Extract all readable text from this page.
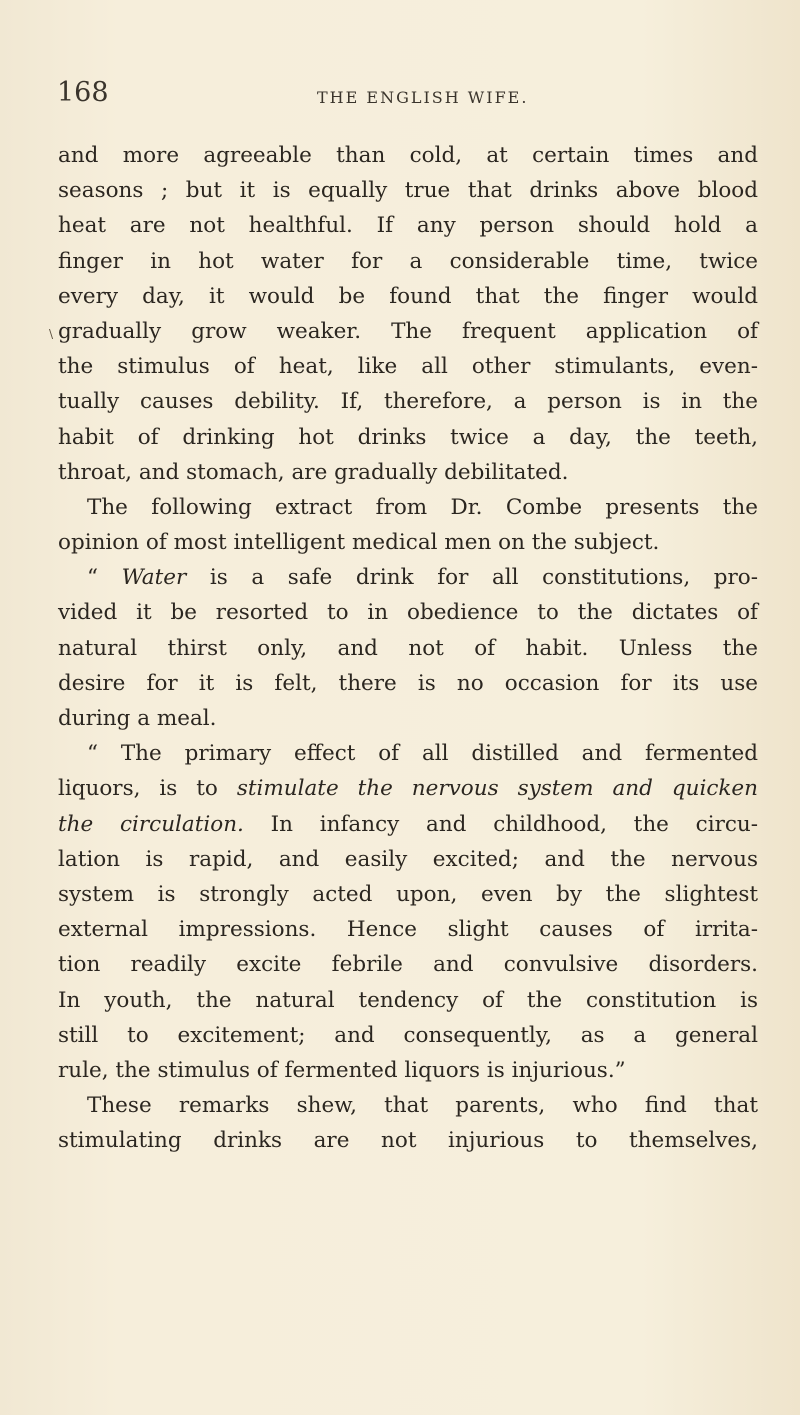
168	THE ENGLISH WIFE.
\
and more agreeable than cold, at certain times and
seasons ; but it is equally true that drinks above blood
heat are not healthful. If any person should hold a
finger in hot water for a considerable time, twice
every day, it would be found that the finger would
gradually grow weaker. The frequent application of
the stimulus of heat, like all other stimulants, even-
tually causes debility. If, therefore, a person is in the
habit of drinking hot drinks twice a day, the teeth,
throat, and stomach, are gradually debilitated.
The following extract from Dr. Combe presents the
opinion of most intelligent medical men on the subject.
“ Water is a safe drink for all constitutions, pro-
vided it be resorted to in obedience to the dictates of
natural thirst only, and not of habit. Unless the
desire for it is felt, there is no occasion for its use
during a meal.
“ The primary effect of all distilled and fermented
liquors, is to stimulate the nervous system and quicken
the circulation. In infancy and childhood, the circu-
lation is rapid, and easily excited; and the nervous
system is strongly acted upon, even by the slightest
external impressions. Hence slight causes of irrita-
tion readily excite febrile and convulsive disorders.
In youth, the natural tendency of the constitution is
still to excitement; and consequently, as a general
rule, the stimulus of fermented liquors is injurious.”
These remarks shew, that parents, who find that
stimulating drinks are not injurious to themselves,
